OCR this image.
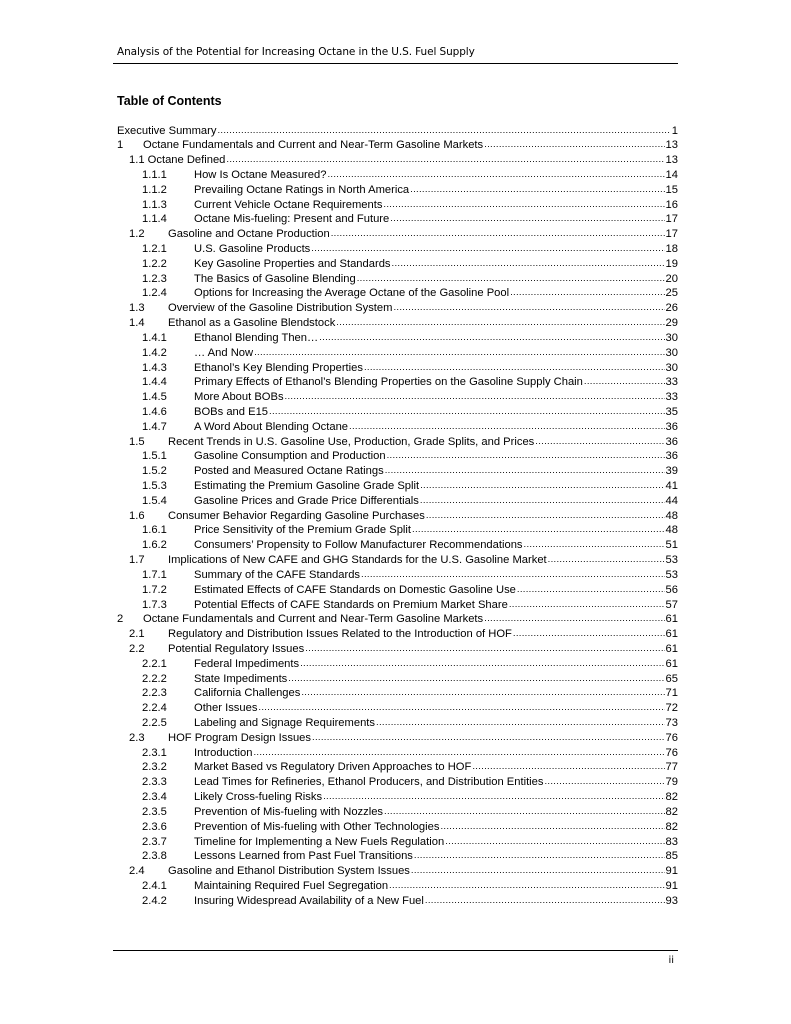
Analysis of the Potential for Increasing Octane in the U.S. Fuel Supply
Table of Contents
Executive Summary .....	1
1 Octane Fundamentals and Current and Near-Term Gasoline Markets .....	13
1.1 Octane Defined .....	13
1.1.1 How Is Octane Measured? .....	14
1.1.2 Prevailing Octane Ratings in North America .....	15
1.1.3 Current Vehicle Octane Requirements .....	16
1.1.4 Octane Mis-fueling: Present and Future .....	17
1.2 Gasoline and Octane Production .....	17
1.2.1 U.S. Gasoline Products .....	18
1.2.2 Key Gasoline Properties and Standards .....	19
1.2.3 The Basics of Gasoline Blending .....	20
1.2.4 Options for Increasing the Average Octane of the Gasoline Pool .....	25
1.3 Overview of the Gasoline Distribution System .....	26
1.4 Ethanol as a Gasoline Blendstock .....	29
1.4.1 Ethanol Blending Then… .....	30
1.4.2 … And Now .....	30
1.4.3 Ethanol’s Key Blending Properties .....	30
1.4.4 Primary Effects of Ethanol’s Blending Properties on the Gasoline Supply Chain .....	33
1.4.5 More About BOBs .....	33
1.4.6 BOBs and E15 .....	35
1.4.7 A Word About Blending Octane .....	36
1.5 Recent Trends in U.S. Gasoline Use, Production, Grade Splits, and Prices .....	36
1.5.1 Gasoline Consumption and Production .....	36
1.5.2 Posted and Measured Octane Ratings .....	39
1.5.3 Estimating the Premium Gasoline Grade Split .....	41
1.5.4 Gasoline Prices and Grade Price Differentials .....	44
1.6 Consumer Behavior Regarding Gasoline Purchases .....	48
1.6.1 Price Sensitivity of the Premium Grade Split .....	48
1.6.2 Consumers’ Propensity to Follow Manufacturer Recommendations .....	51
1.7 Implications of New CAFE and GHG Standards for the U.S. Gasoline Market .....	53
1.7.1 Summary of the CAFE Standards .....	53
1.7.2 Estimated Effects of CAFE Standards on Domestic Gasoline Use .....	56
1.7.3 Potential Effects of CAFE Standards on Premium Market Share .....	57
2 Octane Fundamentals and Current and Near-Term Gasoline Markets .....	61
2.1 Regulatory and Distribution Issues Related to the Introduction of HOF .....	61
2.2 Potential Regulatory Issues .....	61
2.2.1 Federal Impediments .....	61
2.2.2 State Impediments .....	65
2.2.3 California Challenges .....	71
2.2.4 Other Issues .....	72
2.2.5 Labeling and Signage Requirements .....	73
2.3 HOF Program Design Issues .....	76
2.3.1 Introduction .....	76
2.3.2 Market Based vs Regulatory Driven Approaches to HOF .....	77
2.3.3 Lead Times for Refineries, Ethanol Producers, and Distribution Entities .....	79
2.3.4 Likely Cross-fueling Risks .....	82
2.3.5 Prevention of Mis-fueling with Nozzles .....	82
2.3.6 Prevention of Mis-fueling with Other Technologies .....	82
2.3.7 Timeline for Implementing a New Fuels Regulation .....	83
2.3.8 Lessons Learned from Past Fuel Transitions .....	85
2.4 Gasoline and Ethanol Distribution System Issues .....	91
2.4.1 Maintaining Required Fuel Segregation .....	91
2.4.2 Insuring Widespread Availability of a New Fuel .....	93
ii
